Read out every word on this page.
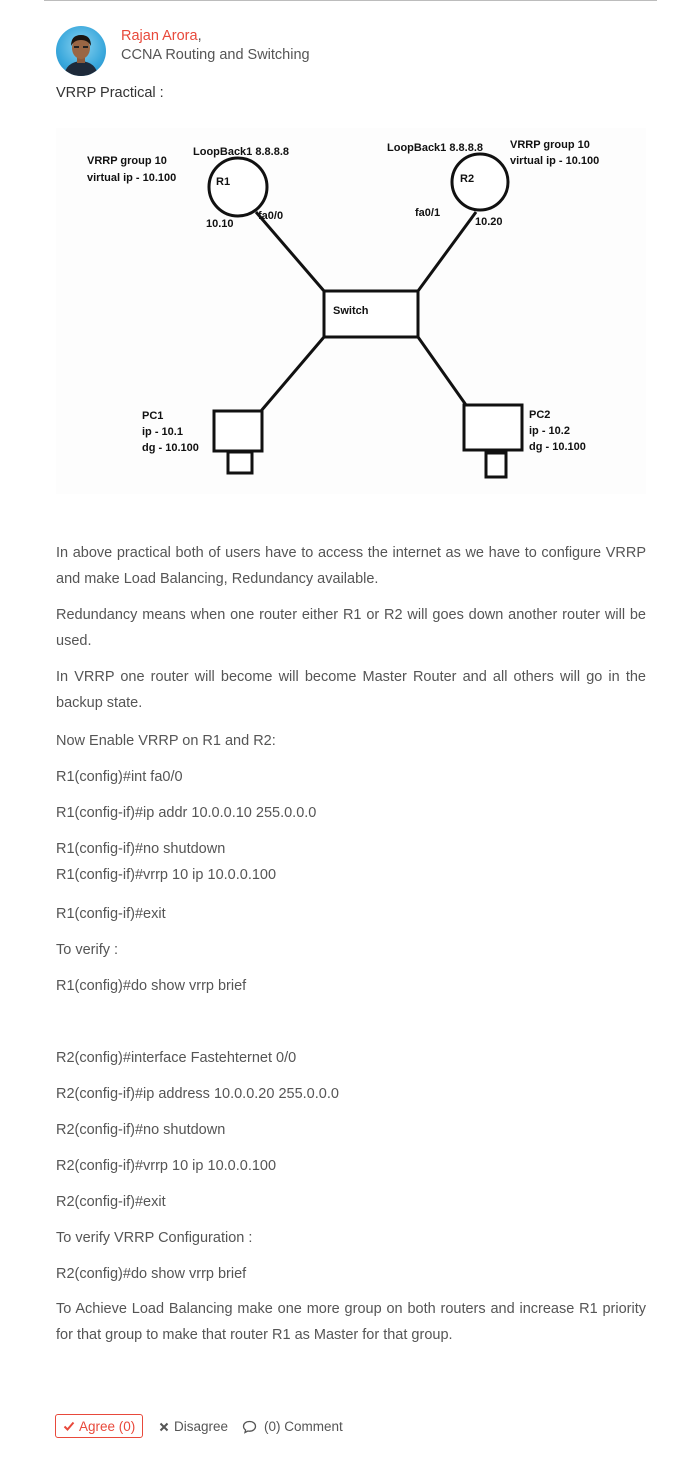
Rajan Arora,
CCNA Routing and Switching
VRRP Practical :
VRRP group 10
virtual ip - 10.100
LoopBack1 8.8.8.8
R1
fa0/0
10.10
LoopBack1 8.8.8.8 VRRP group 10
virtual ip - 10.100
R2
fa0/1
10.20
Switch
PC1
ip - 10.1
dg - 10.100
PC2
ip - 10.2
dg - 10.100

In above practical both of users have to access the internet as we have to configure VRRP and make Load Balancing, Redundancy available.

Redundancy means when one router either R1 or R2 will goes down another router will be used.

In VRRP one router will become will become Master Router and all others will go in the backup state.

Now Enable VRRP on R1 and R2:

R1(config)#int fa0/0

R1(config-if)#ip addr 10.0.0.10 255.0.0.0

R1(config-if)#no shutdown

R1(config-if)#vrrp 10 ip 10.0.0.100

R1(config-if)#exit

To verify :

R1(config)#do show vrrp brief

R2(config)#interface Fastehternet 0/0

R2(config-if)#ip address 10.0.0.20 255.0.0.0

R2(config-if)#no shutdown

R2(config-if)#vrrp 10 ip 10.0.0.100

R2(config-if)#exit

To verify VRRP Configuration :

R2(config)#do show vrrp brief

To Achieve Load Balancing make one more group on both routers and increase R1 priority for that group to make that router R1 as Master for that group.

Agree (0)	Disagree	(0) Comment
